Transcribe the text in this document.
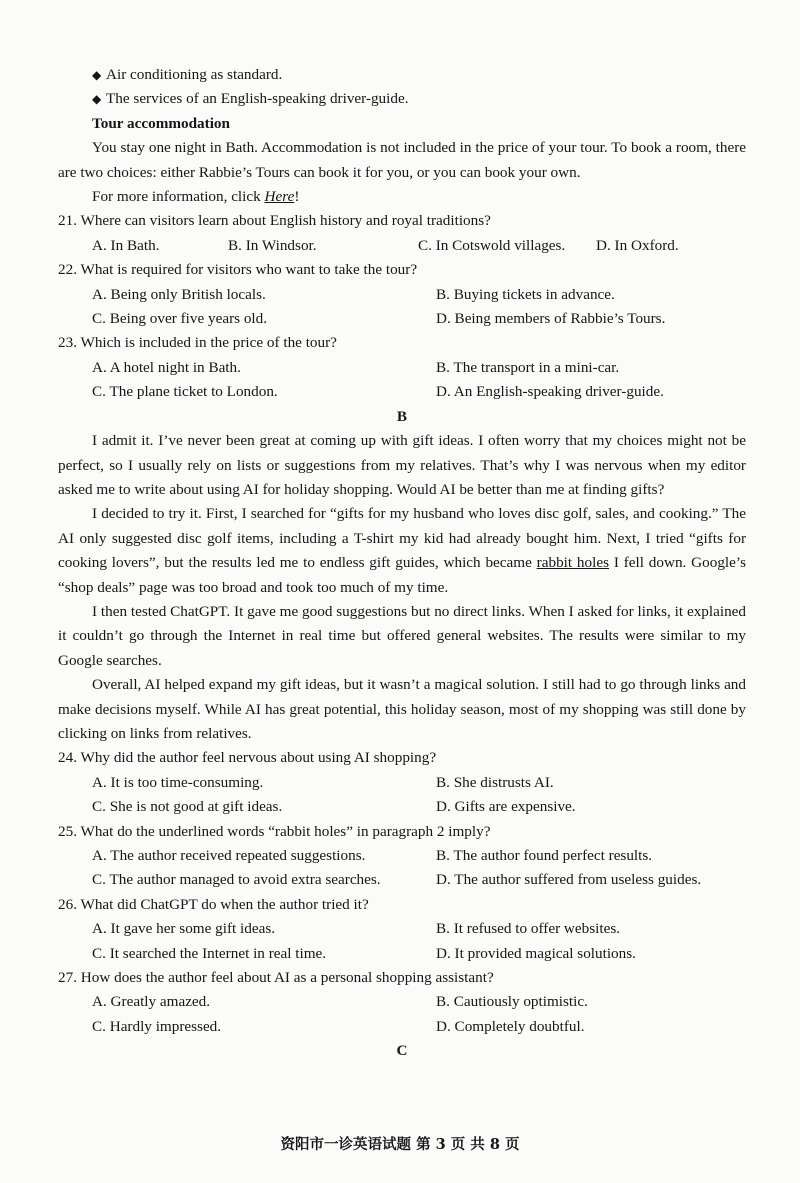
◆ Air conditioning as standard.
◆ The services of an English-speaking driver-guide.
Tour accommodation
You stay one night in Bath. Accommodation is not included in the price of your tour. To book a room, there are two choices: either Rabbie’s Tours can book it for you, or you can book your own.
For more information, click Here!
21. Where can visitors learn about English history and royal traditions?
A. In Bath.	B. In Windsor.	C. In Cotswold villages.	D. In Oxford.
22. What is required for visitors who want to take the tour?
A. Being only British locals.	B. Buying tickets in advance.
C. Being over five years old.	D. Being members of Rabbie’s Tours.
23. Which is included in the price of the tour?
A. A hotel night in Bath.	B. The transport in a mini-car.
C. The plane ticket to London.	D. An English-speaking driver-guide.
B
I admit it. I’ve never been great at coming up with gift ideas. I often worry that my choices might not be perfect, so I usually rely on lists or suggestions from my relatives. That’s why I was nervous when my editor asked me to write about using AI for holiday shopping. Would AI be better than me at finding gifts?
I decided to try it. First, I searched for “gifts for my husband who loves disc golf, sales, and cooking.” The AI only suggested disc golf items, including a T-shirt my kid had already bought him. Next, I tried “gifts for cooking lovers”, but the results led me to endless gift guides, which became rabbit holes I fell down. Google’s “shop deals” page was too broad and took too much of my time.
I then tested ChatGPT. It gave me good suggestions but no direct links. When I asked for links, it explained it couldn’t go through the Internet in real time but offered general websites. The results were similar to my Google searches.
Overall, AI helped expand my gift ideas, but it wasn’t a magical solution. I still had to go through links and make decisions myself. While AI has great potential, this holiday season, most of my shopping was still done by clicking on links from relatives.
24. Why did the author feel nervous about using AI shopping?
A. It is too time-consuming.	B. She distrusts AI.
C. She is not good at gift ideas.	D. Gifts are expensive.
25. What do the underlined words “rabbit holes” in paragraph 2 imply?
A. The author received repeated suggestions.	B. The author found perfect results.
C. The author managed to avoid extra searches.	D. The author suffered from useless guides.
26. What did ChatGPT do when the author tried it?
A. It gave her some gift ideas.	B. It refused to offer websites.
C. It searched the Internet in real time.	D. It provided magical solutions.
27. How does the author feel about AI as a personal shopping assistant?
A. Greatly amazed.	B. Cautiously optimistic.
C. Hardly impressed.	D. Completely doubtful.
C
资阳市一诊英语试题 第 3 页 共 8 页
